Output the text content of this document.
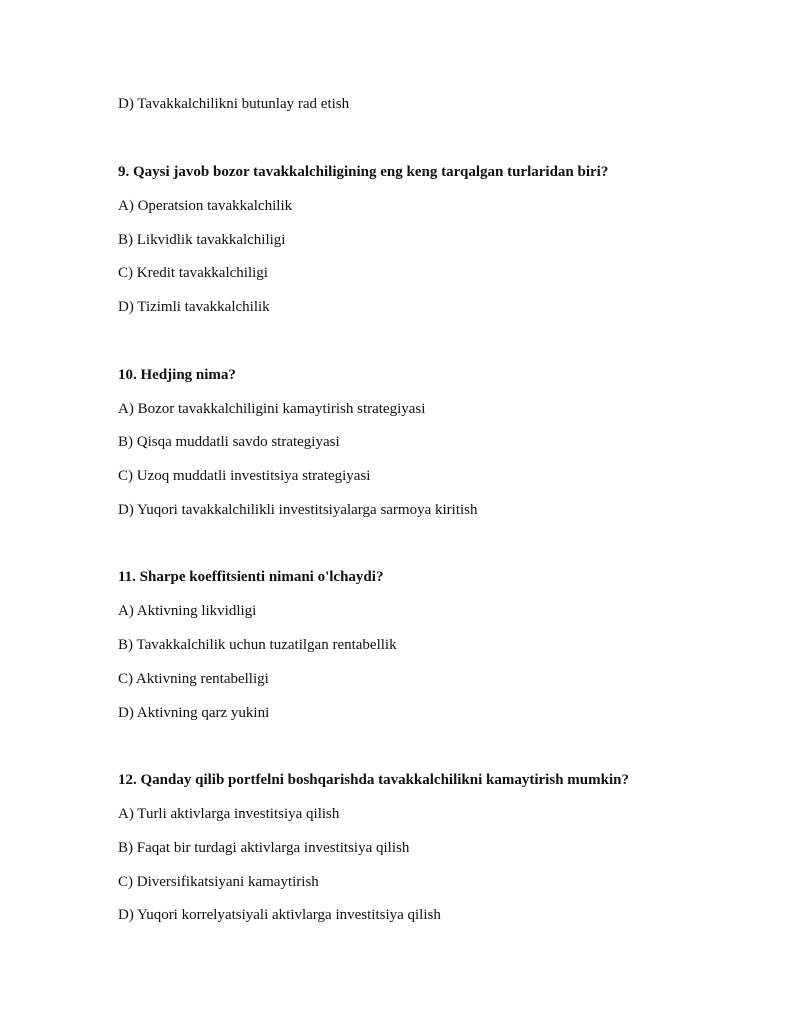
D) Tavakkalchilikni butunlay rad etish
9. Qaysi javob bozor tavakkalchiligining eng keng tarqalgan turlaridan biri?
A) Operatsion tavakkalchilik
B) Likvidlik tavakkalchiligi
C) Kredit tavakkalchiligi
D) Tizimli tavakkalchilik
10. Hedjing nima?
A) Bozor tavakkalchiligini kamaytirish strategiyasi
B) Qisqa muddatli savdo strategiyasi
C) Uzoq muddatli investitsiya strategiyasi
D) Yuqori tavakkalchilikli investitsiyalarga sarmoya kiritish
11. Sharpe koeffitsienti nimani o'lchaydi?
A) Aktivning likvidligi
B) Tavakkalchilik uchun tuzatilgan rentabellik
C) Aktivning rentabelligi
D) Aktivning qarz yukini
12. Qanday qilib portfelni boshqarishda tavakkalchilikni kamaytirish mumkin?
A) Turli aktivlarga investitsiya qilish
B) Faqat bir turdagi aktivlarga investitsiya qilish
C) Diversifikatsiyani kamaytirish
D) Yuqori korrelyatsiyali aktivlarga investitsiya qilish
